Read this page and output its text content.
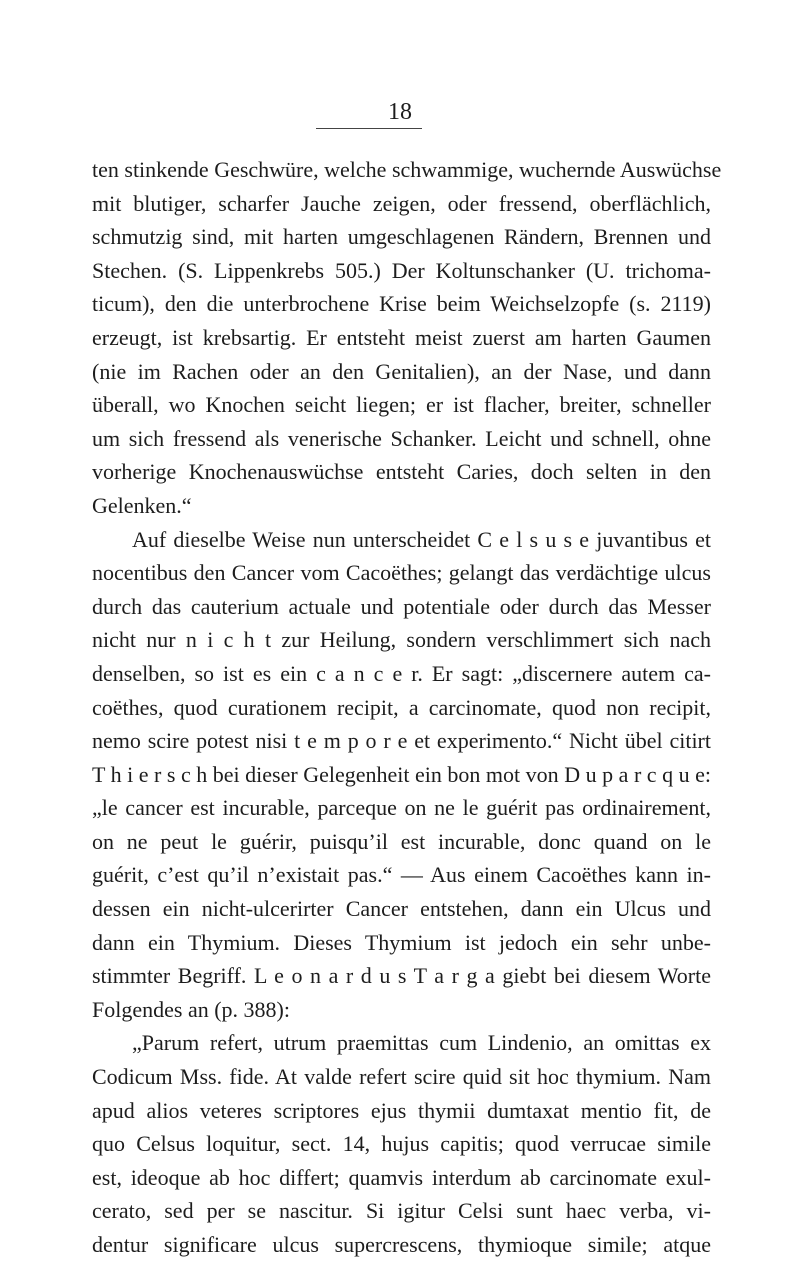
18
ten stinkende Geschwüre, welche schwammige, wuchernde Auswüchse
mit blutiger, scharfer Jauche zeigen, oder fressend, oberflächlich,
schmutzig sind, mit harten umgeschlagenen Rändern, Brennen und
Stechen. (S. Lippenkrebs 505.) Der Koltunschanker (U. trichoma-
ticum), den die unterbrochene Krise beim Weichselzopfe (s. 2119)
erzeugt, ist krebsartig. Er entsteht meist zuerst am harten Gaumen
(nie im Rachen oder an den Genitalien), an der Nase, und dann
überall, wo Knochen seicht liegen; er ist flacher, breiter, schneller
um sich fressend als venerische Schanker. Leicht und schnell, ohne
vorherige Knochenauswüchse entsteht Caries, doch selten in den
Gelenken.“
Auf dieselbe Weise nun unterscheidet C e l s u s e juvantibus et
nocentibus den Cancer vom Cacoëthes; gelangt das verdächtige ulcus
durch das cauterium actuale und potentiale oder durch das Messer
nicht nur n i c h t zur Heilung, sondern verschlimmert sich nach
denselben, so ist es ein c a n c e r. Er sagt: „discernere autem ca-
coëthes, quod curationem recipit, a carcinomate, quod non recipit,
nemo scire potest nisi t e m p o r e et experimento.“ Nicht übel citirt
T h i e r s c h bei dieser Gelegenheit ein bon mot von D u p a r c q u e:
„le cancer est incurable, parceque on ne le guérit pas ordinairement,
on ne peut le guérir, puisqu’il est incurable, donc quand on le
guérit, c’est qu’il n’existait pas.“ — Aus einem Cacoëthes kann in-
dessen ein nicht-ulcerirter Cancer entstehen, dann ein Ulcus und
dann ein Thymium. Dieses Thymium ist jedoch ein sehr unbe-
stimmter Begriff. L e o n a r d u s T a r g a giebt bei diesem Worte
Folgendes an (p. 388):
„Parum refert, utrum praemittas cum Lindenio, an omittas ex
Codicum Mss. fide. At valde refert scire quid sit hoc thymium. Nam
apud alios veteres scriptores ejus thymii dumtaxat mentio fit, de
quo Celsus loquitur, sect. 14, hujus capitis; quod verrucae simile
est, ideoque ab hoc differt; quamvis interdum ab carcinomate exul-
cerato, sed per se nascitur. Si igitur Celsi sunt haec verba, vi-
dentur significare ulcus supercrescens, thymioque simile; atque
